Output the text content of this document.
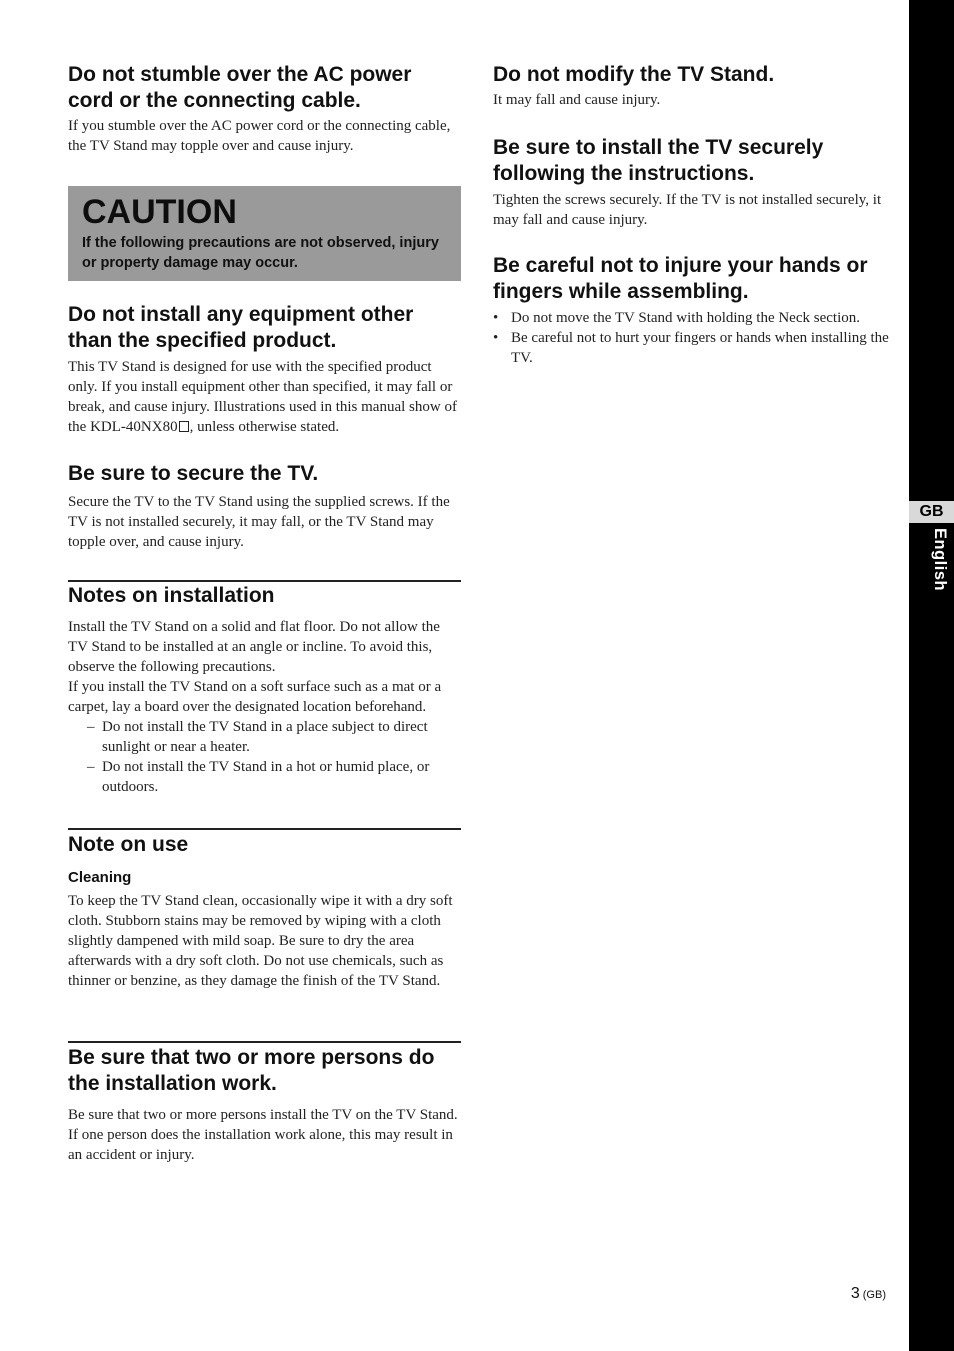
Do not stumble over the AC power cord or the connecting cable.

If you stumble over the AC power cord or the connecting cable, the TV Stand may topple over and cause injury.

CAUTION
If the following precautions are not observed, injury or property damage may occur.
Do not install any equipment other than the specified product.

This TV Stand is designed for use with the specified product only. If you install equipment other than specified, it may fall or break, and cause injury. Illustrations used in this manual show of the KDL-40NX80 , unless otherwise stated.

Be sure to secure the TV.

Secure the TV to the TV Stand using the supplied screws. If the TV is not installed securely, it may fall, or the TV Stand may topple over, and cause injury.

Notes on installation

Install the TV Stand on a solid and flat floor. Do not allow the TV Stand to be installed at an angle or incline. To avoid this, observe the following precautions.

If you install the TV Stand on a soft surface such as a mat or a carpet, lay a board over the designated location beforehand.

– Do not install the TV Stand in a place subject to direct sunlight or near a heater.
– Do not install the TV Stand in a hot or humid place, or outdoors.
Note on use
Cleaning

To keep the TV Stand clean, occasionally wipe it with a dry soft cloth. Stubborn stains may be removed by wiping with a cloth slightly dampened with mild soap. Be sure to dry the area afterwards with a dry soft cloth. Do not use chemicals, such as thinner or benzine, as they damage the finish of the TV Stand.

Be sure that two or more persons do the installation work.

Be sure that two or more persons install the TV on the TV Stand. If one person does the installation work alone, this may result in an accident or injury.

Do not modify the TV Stand.

It may fall and cause injury.

Be sure to install the TV securely following the instructions.

Tighten the screws securely. If the TV is not installed securely, it may fall and cause injury.

Be careful not to injure your hands or fingers while assembling.
• Do not move the TV Stand with holding the Neck section.
• Be careful not to hurt your fingers or hands when installing the TV.
GB
English
3 (GB)
